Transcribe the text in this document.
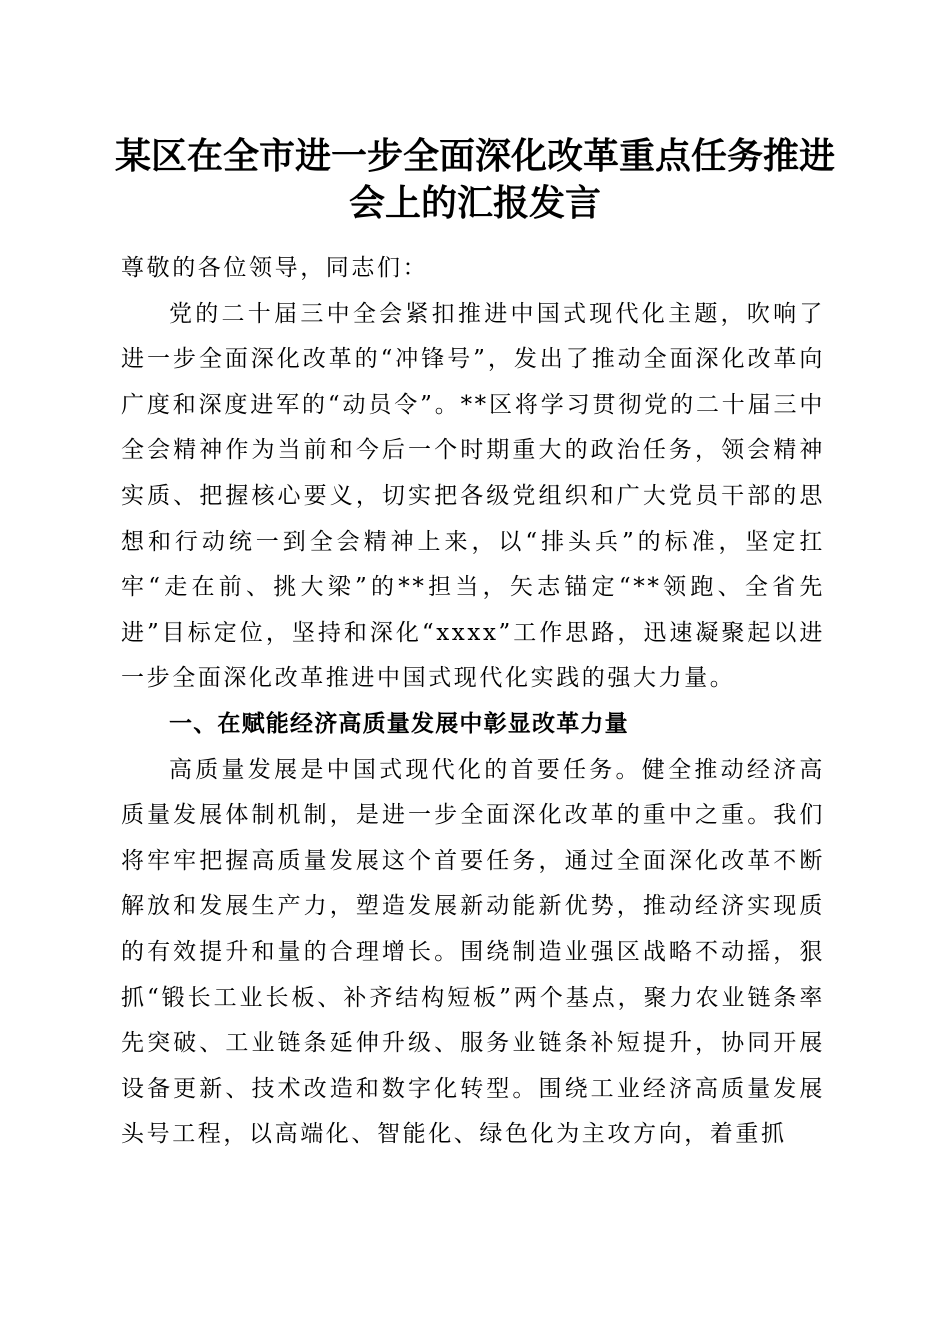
某区在全市进一步全面深化改革重点任务推进会上的汇报发言

尊敬的各位领导，同志们：

党的二十届三中全会紧扣推进中国式现代化主题，吹响了进一步全面深化改革的“冲锋号”，发出了推动全面深化改革向广度和深度进军的“动员令”。**区将学习贯彻党的二十届三中全会精神作为当前和今后一个时期重大的政治任务，领会精神实质、把握核心要义，切实把各级党组织和广大党员干部的思想和行动统一到全会精神上来，以“排头兵”的标准，坚定扛牢“走在前、挑大梁”的**担当，矢志锚定“**领跑、全省先进”目标定位，坚持和深化“xxxx”工作思路，迅速凝聚起以进一步全面深化改革推进中国式现代化实践的强大力量。

一、在赋能经济高质量发展中彰显改革力量

高质量发展是中国式现代化的首要任务。健全推动经济高质量发展体制机制，是进一步全面深化改革的重中之重。我们将牢牢把握高质量发展这个首要任务，通过全面深化改革不断解放和发展生产力，塑造发展新动能新优势，推动经济实现质的有效提升和量的合理增长。围绕制造业强区战略不动摇，狠抓“锻长工业长板、补齐结构短板”两个基点，聚力农业链条率先突破、工业链条延伸升级、服务业链条补短提升，协同开展设备更新、技术改造和数字化转型。围绕工业经济高质量发展头号工程，以高端化、智能化、绿色化为主攻方向，着重抓
